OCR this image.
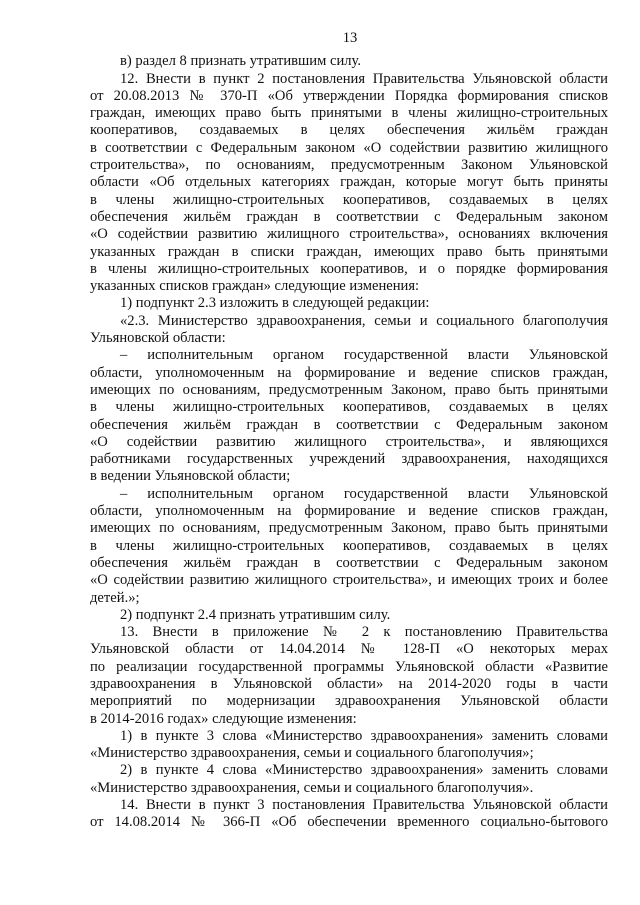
13
в) раздел 8 признать утратившим силу.
12. Внести в пункт 2 постановления Правительства Ульяновской области
от 20.08.2013 № 370-П «Об утверждении Порядка формирования списков
граждан, имеющих право быть принятыми в члены жилищно-строительных
кооперативов, создаваемых в целях обеспечения жильём граждан
в соответствии с Федеральным законом «О содействии развитию жилищного
строительства», по основаниям, предусмотренным Законом Ульяновской
области «Об отдельных категориях граждан, которые могут быть приняты
в члены жилищно-строительных кооперативов, создаваемых в целях
обеспечения жильём граждан в соответствии с Федеральным законом
«О содействии развитию жилищного строительства», основаниях включения
указанных граждан в списки граждан, имеющих право быть принятыми
в члены жилищно-строительных кооперативов, и о порядке формирования
указанных списков граждан» следующие изменения:
1) подпункт 2.3 изложить в следующей редакции:
«2.3. Министерство здравоохранения, семьи и социального благополучия
Ульяновской области:
– исполнительным органом государственной власти Ульяновской
области, уполномоченным на формирование и ведение списков граждан,
имеющих по основаниям, предусмотренным Законом, право быть принятыми
в члены жилищно-строительных кооперативов, создаваемых в целях
обеспечения жильём граждан в соответствии с Федеральным законом
«О содействии развитию жилищного строительства», и являющихся
работниками государственных учреждений здравоохранения, находящихся
в ведении Ульяновской области;
– исполнительным органом государственной власти Ульяновской
области, уполномоченным на формирование и ведение списков граждан,
имеющих по основаниям, предусмотренным Законом, право быть принятыми
в члены жилищно-строительных кооперативов, создаваемых в целях
обеспечения жильём граждан в соответствии с Федеральным законом
«О содействии развитию жилищного строительства», и имеющих троих и более
детей.»;
2) подпункт 2.4 признать утратившим силу.
13. Внести в приложение № 2 к постановлению Правительства
Ульяновской области от 14.04.2014 № 128-П «О некоторых мерах
по реализации государственной программы Ульяновской области «Развитие
здравоохранения в Ульяновской области» на 2014-2020 годы в части
мероприятий по модернизации здравоохранения Ульяновской области
в 2014-2016 годах» следующие изменения:
1) в пункте 3 слова «Министерство здравоохранения» заменить словами
«Министерство здравоохранения, семьи и социального благополучия»;
2) в пункте 4 слова «Министерство здравоохранения» заменить словами
«Министерство здравоохранения, семьи и социального благополучия».
14. Внести в пункт 3 постановления Правительства Ульяновской области
от 14.08.2014 № 366-П «Об обеспечении временного социально-бытового
